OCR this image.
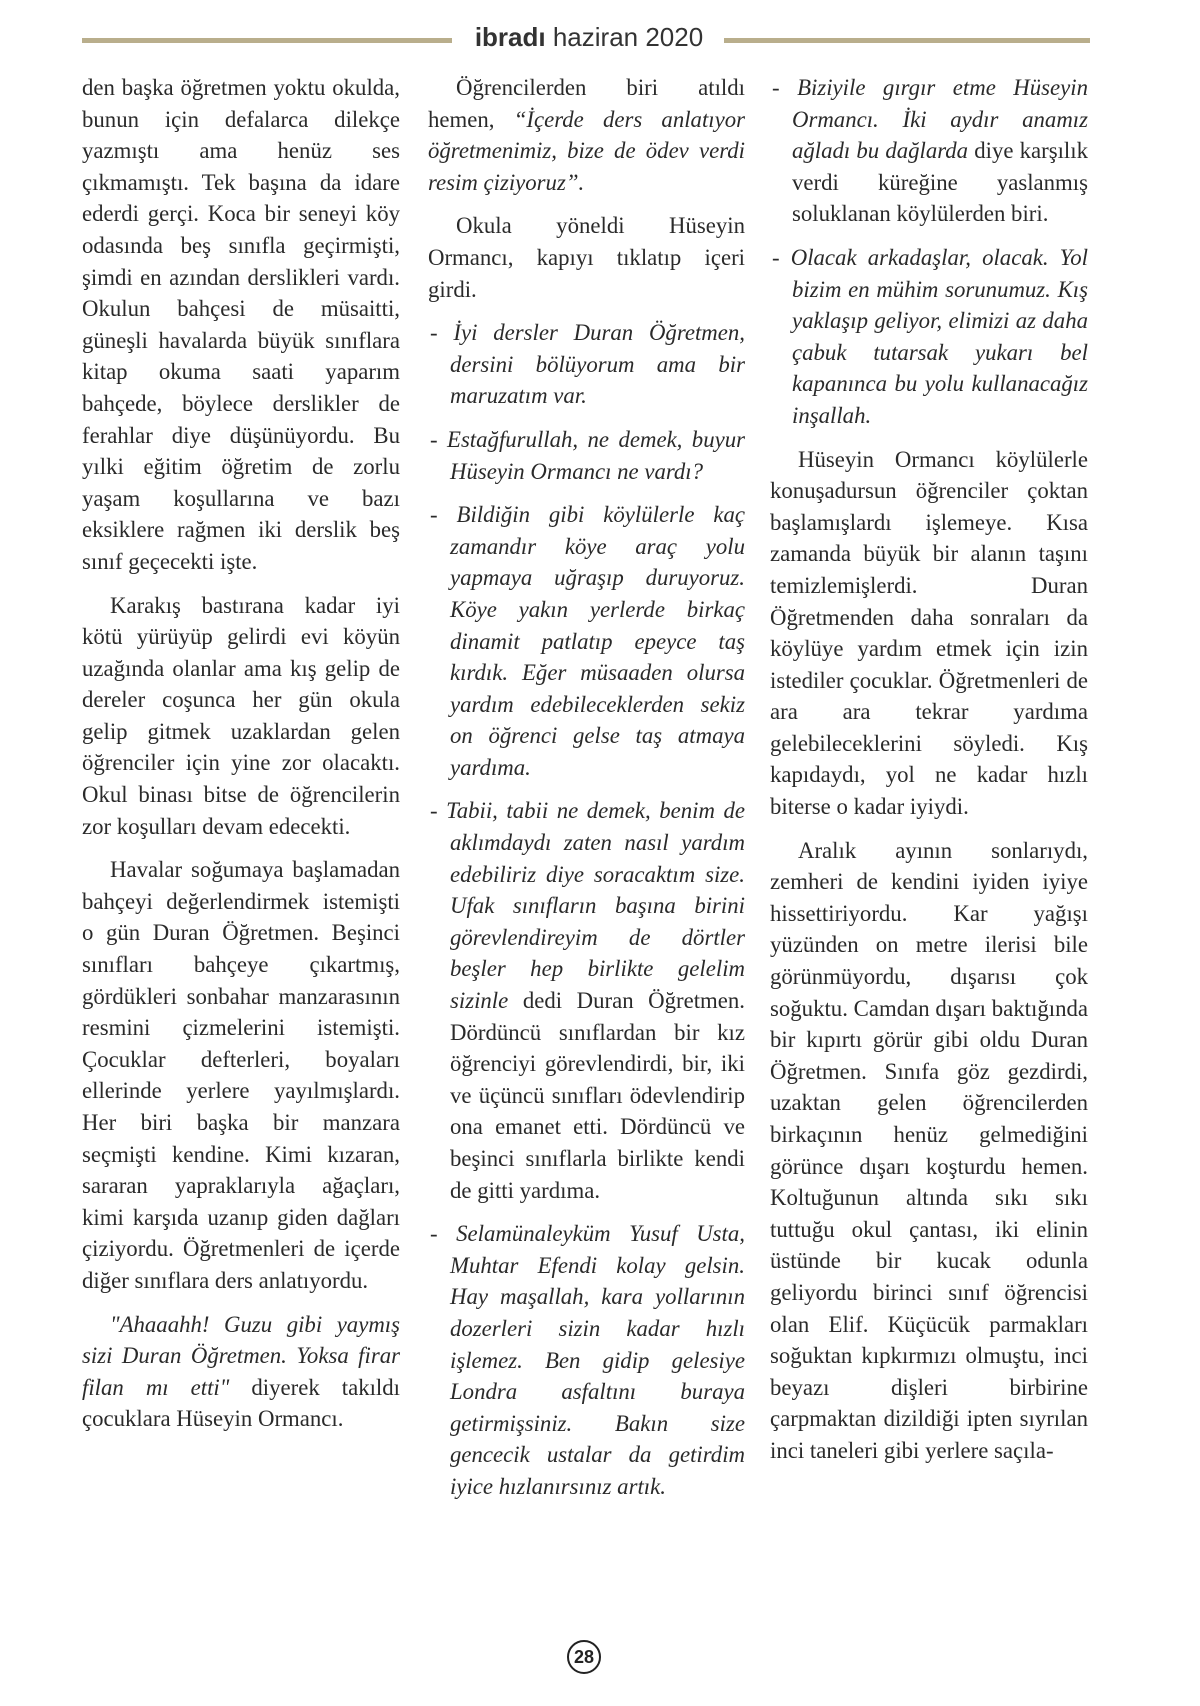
ibradı haziran 2020

den başka öğretmen yoktu okulda, bunun için defalarca dilekçe yazmıştı ama henüz ses çıkmamıştı. Tek başına da idare ederdi gerçi. Koca bir seneyi köy odasında beş sınıfla geçirmişti, şimdi en azından derslikleri vardı. Okulun bahçesi de müsaitti, güneşli havalarda büyük sınıflara kitap okuma saati yaparım bahçede, böylece derslikler de ferahlar diye düşünüyordu. Bu yılki eğitim öğretim de zorlu yaşam koşullarına ve bazı eksiklere rağmen iki derslik beş sınıf geçecekti işte.

Karakış bastırana kadar iyi kötü yürüyüp gelirdi evi köyün uzağında olanlar ama kış gelip de dereler coşunca her gün okula gelip gitmek uzaklardan gelen öğrenciler için yine zor olacaktı. Okul binası bitse de öğrencilerin zor koşulları devam edecekti.

Havalar soğumaya başlamadan bahçeyi değerlendirmek istemişti o gün Duran Öğretmen. Beşinci sınıfları bahçeye çıkartmış, gördükleri sonbahar manzarasının resmini çizmelerini istemişti. Çocuklar defterleri, boyaları ellerinde yerlere yayılmışlardı. Her biri başka bir manzara seçmişti kendine. Kimi kızaran, sararan yapraklarıyla ağaçları, kimi karşıda uzanıp giden dağları çiziyordu. Öğretmenleri de içerde diğer sınıflara ders anlatıyordu.

"Ahaaahh! Guzu gibi yaymış sizi Duran Öğretmen. Yoksa firar filan mı etti" diyerek takıldı çocuklara Hüseyin Ormancı.

Öğrencilerden biri atıldı hemen, “İçerde ders anlatıyor öğretmenimiz, bize de ödev verdi resim çiziyoruz”.

Okula yöneldi Hüseyin Ormancı, kapıyı tıklatıp içeri girdi.

- İyi dersler Duran Öğretmen, dersini bölüyorum ama bir maruzatım var.

- Estağfurullah, ne demek, buyur Hüseyin Ormancı ne vardı?

- Bildiğin gibi köylülerle kaç zamandır köye araç yolu yapmaya uğraşıp duruyoruz. Köye yakın yerlerde birkaç dinamit patlatıp epeyce taş kırdık. Eğer müsaaden olursa yardım edebileceklerden sekiz on öğrenci gelse taş atmaya yardıma.

- Tabii, tabii ne demek, benim de aklımdaydı zaten nasıl yardım edebiliriz diye soracaktım size. Ufak sınıfların başına birini görevlendireyim de dörtler beşler hep birlikte gelelim sizinle dedi Duran Öğretmen. Dördüncü sınıflardan bir kız öğrenciyi görevlendirdi, bir, iki ve üçüncü sınıfları ödevlendirip ona emanet etti. Dördüncü ve beşinci sınıflarla birlikte kendi de gitti yardıma.

- Selamünaleyküm Yusuf Usta, Muhtar Efendi kolay gelsin. Hay maşallah, kara yollarının dozerleri sizin kadar hızlı işlemez. Ben gidip gelesiye Londra asfaltını buraya getirmişsiniz. Bakın size gencecik ustalar da getirdim iyice hızlanırsınız artık.

- Biziyile gırgır etme Hüseyin Ormancı. İki aydır anamız ağladı bu dağlarda diye karşılık verdi küreğine yaslanmış soluklanan köylülerden biri.

- Olacak arkadaşlar, olacak. Yol bizim en mühim sorunumuz. Kış yaklaşıp geliyor, elimizi az daha çabuk tutarsak yukarı bel kapanınca bu yolu kullanacağız inşallah.

Hüseyin Ormancı köylülerle konuşadursun öğrenciler çoktan başlamışlardı işlemeye. Kısa zamanda büyük bir alanın taşını temizlemişlerdi. Duran Öğretmenden daha sonraları da köylüye yardım etmek için izin istediler çocuklar. Öğretmenleri de ara ara tekrar yardıma gelebileceklerini söyledi. Kış kapıdaydı, yol ne kadar hızlı biterse o kadar iyiydi.

Aralık ayının sonlarıydı, zemheri de kendini iyiden iyiye hissettiriyordu. Kar yağışı yüzünden on metre ilerisi bile görünmüyordu, dışarısı çok soğuktu. Camdan dışarı baktığında bir kıpırtı görür gibi oldu Duran Öğretmen. Sınıfa göz gezdirdi, uzaktan gelen öğrencilerden birkaçının henüz gelmediğini görünce dışarı koşturdu hemen. Koltuğunun altında sıkı sıkı tuttuğu okul çantası, iki elinin üstünde bir kucak odunla geliyordu birinci sınıf öğrencisi olan Elif. Küçücük parmakları soğuktan kıpkırmızı olmuştu, inci beyazı dişleri birbirine çarpmaktan dizildiği ipten sıyrılan inci taneleri gibi yerlere saçıla-

28
